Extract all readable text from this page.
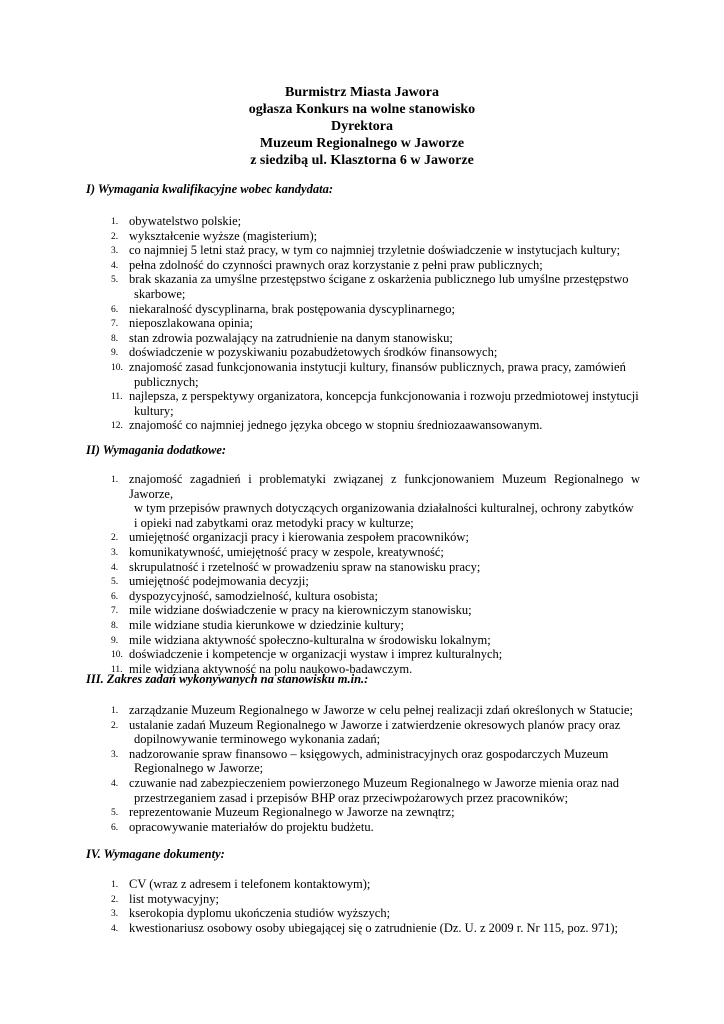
Burmistrz Miasta Jawora
ogłasza Konkurs na wolne stanowisko
Dyrektora
Muzeum Regionalnego w Jaworze
z siedzibą ul. Klasztorna 6 w Jaworze
I) Wymagania kwalifikacyjne wobec kandydata:
1. obywatelstwo polskie;
2. wykształcenie wyższe (magisterium);
3. co najmniej 5 letni staż pracy, w tym co najmniej trzyletnie doświadczenie w instytucjach kultury;
4. pełna zdolność do czynności prawnych oraz korzystanie z pełni praw publicznych;
5. brak skazania za umyślne przestępstwo ścigane z oskarżenia publicznego lub umyślne przestępstwo
skarbowe;
6. niekaralność dyscyplinarna, brak postępowania dyscyplinarnego;
7. nieposzlakowana opinia;
8. stan zdrowia pozwalający na zatrudnienie na danym stanowisku;
9. doświadczenie w pozyskiwaniu pozabudżetowych środków finansowych;
10. znajomość zasad funkcjonowania instytucji kultury, finansów publicznych, prawa pracy, zamówień
publicznych;
11. najlepsza, z perspektywy organizatora, koncepcja funkcjonowania i rozwoju przedmiotowej instytucji
kultury;
12. znajomość co najmniej jednego języka obcego w stopniu średniozaawansowanym.
II) Wymagania dodatkowe:
1. znajomość zagadnień i problematyki związanej z funkcjonowaniem Muzeum Regionalnego w Jaworze,
w tym przepisów prawnych dotyczących organizowania działalności kulturalnej, ochrony zabytków
i opieki nad zabytkami oraz metodyki pracy w kulturze;
2. umiejętność organizacji pracy i kierowania zespołem pracowników;
3. komunikatywność, umiejętność pracy w zespole, kreatywność;
4. skrupulatność i rzetelność w prowadzeniu spraw na stanowisku pracy;
5. umiejętność podejmowania decyzji;
6. dyspozycyjność, samodzielność, kultura osobista;
7. mile widziane doświadczenie w pracy na kierowniczym stanowisku;
8. mile widziane studia kierunkowe w dziedzinie kultury;
9. mile widziana aktywność społeczno-kulturalna w środowisku lokalnym;
10. doświadczenie i kompetencje w organizacji wystaw i imprez kulturalnych;
11. mile widziana aktywność na polu naukowo-badawczym.
III. Zakres zadań wykonywanych na stanowisku m.in.:
1. zarządzanie Muzeum Regionalnego w Jaworze w celu pełnej realizacji zdań określonych w Statucie;
2. ustalanie zadań Muzeum Regionalnego w Jaworze i zatwierdzenie okresowych planów pracy oraz
dopilnowywanie terminowego wykonania zadań;
3. nadzorowanie spraw finansowo – księgowych, administracyjnych oraz gospodarczych Muzeum
Regionalnego w Jaworze;
4. czuwanie nad zabezpieczeniem powierzonego Muzeum Regionalnego w Jaworze mienia oraz nad
przestrzeganiem zasad i przepisów BHP oraz przeciwpożarowych przez pracowników;
5. reprezentowanie Muzeum Regionalnego w Jaworze na zewnątrz;
6. opracowywanie materiałów do projektu budżetu.
IV. Wymagane dokumenty:
1. CV (wraz z adresem i telefonem kontaktowym);
2. list motywacyjny;
3. kserokopia dyplomu ukończenia studiów wyższych;
4. kwestionariusz osobowy osoby ubiegającej się o zatrudnienie (Dz. U. z 2009 r. Nr 115, poz. 971);
